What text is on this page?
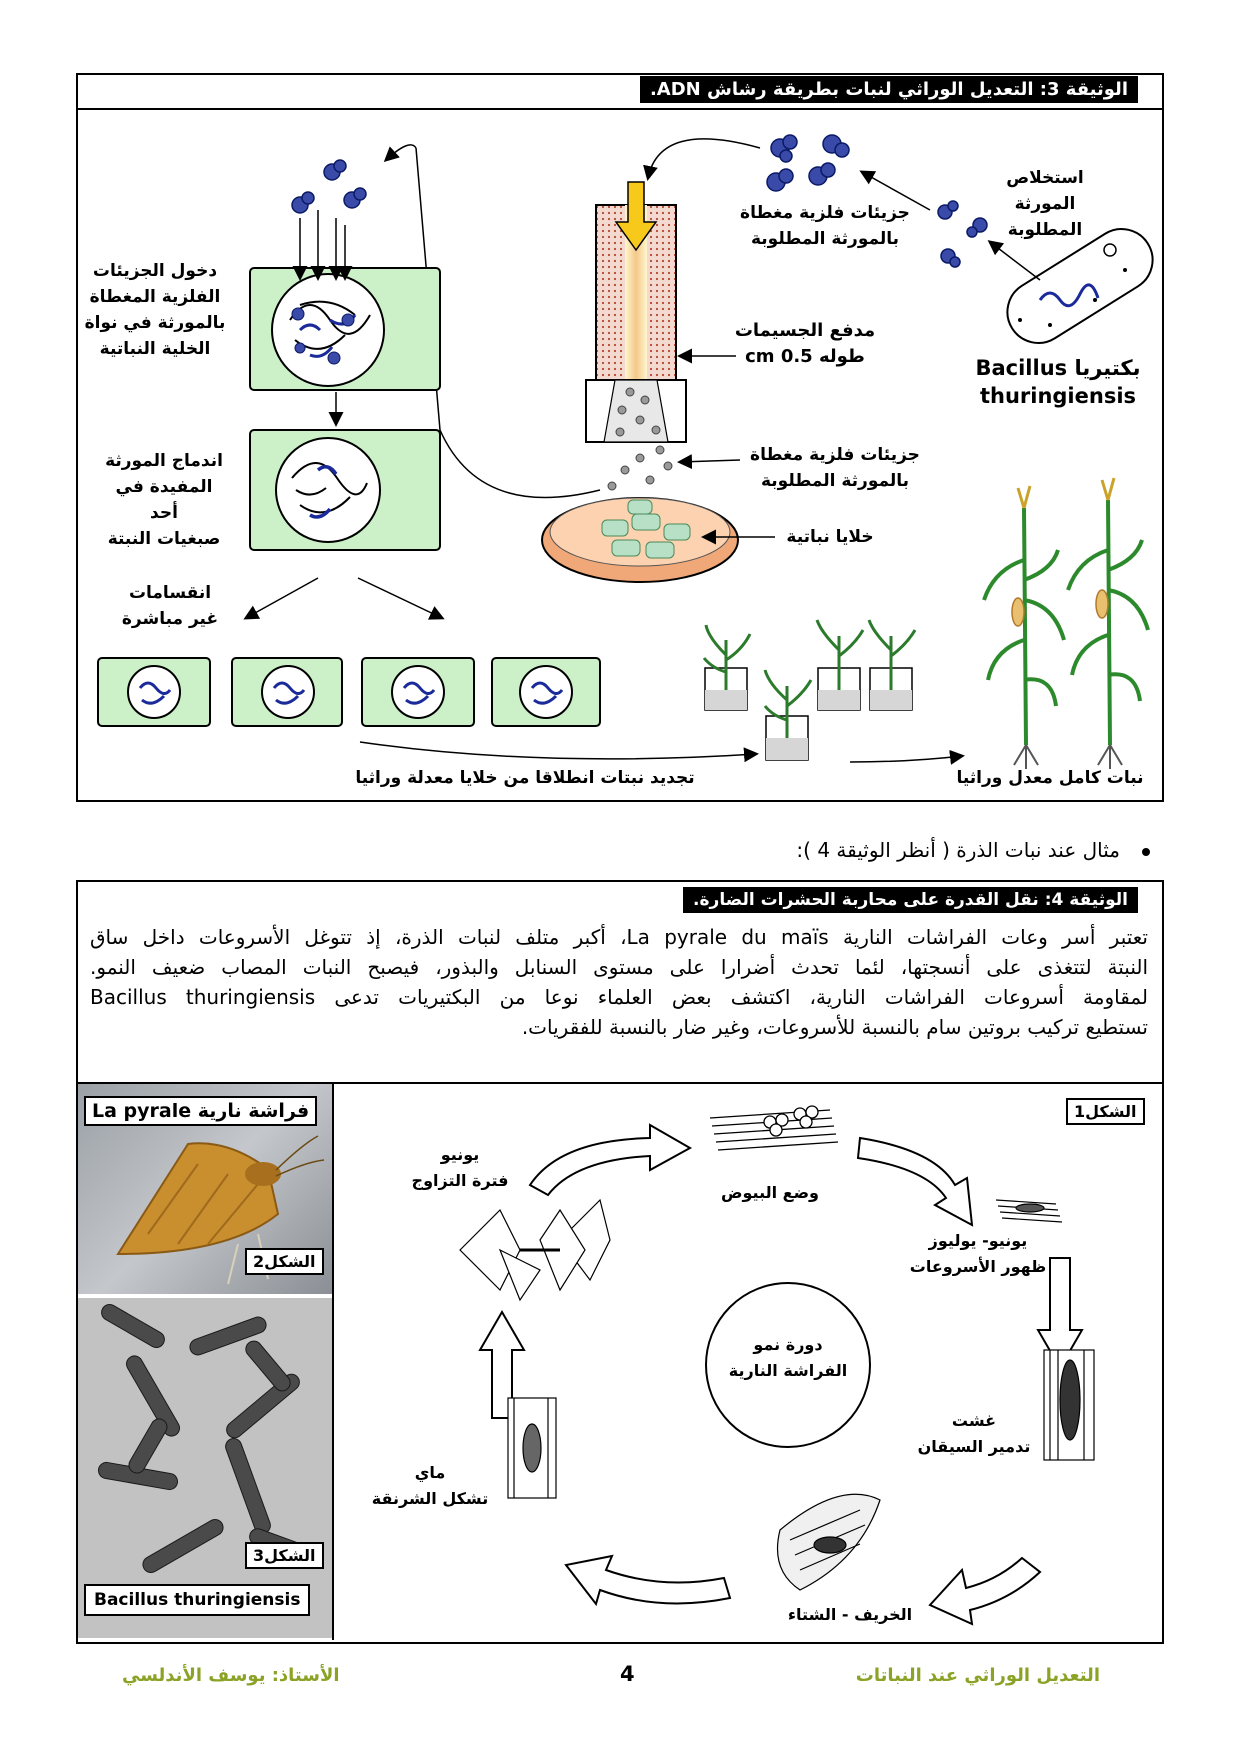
الوثيقة 3: التعديل الوراثي لنبات بطريقة رشاش ADN.
استخلاص
المورثة
المطلوبة
جزيئات فلزية مغطاة
بالمورثة المطلوبة
مدفع الجسيمات
طوله 0.5 cm	بكتيريا Bacillus
thuringiensis
جزيئات فلزية مغطاة
بالمورثة المطلوبة
خلايا نباتية
دخول الجزيئات
الفلزية المغطاة
بالمورثة في نواة
الخلية النباتية
اندماج المورثة
المفيدة في أحد
صبغيات النبتة
انقسامات
غير مباشرة
تجديد نبتات انطلاقا من خلايا معدلة وراثيا	نبات كامل معدل وراثيا
مثال عند نبات الذرة ( أنظر الوثيقة 4 ):
الوثيقة 4: نقل القدرة على محاربة الحشرات الضارة.
تعتبر أسر وعات الفراشات النارية La pyrale du maïs، أكبر متلف لنبات الذرة، إذ تتوغل الأسروعات داخل ساق
النبتة لتتغذى على أنسجتها، لئما تحدث أضرارا على مستوى السنابل والبذور، فيصبح النبات المصاب ضعيف النمو.
لمقاومة أسروعات الفراشات النارية، اكتشف بعض العلماء نوعا من البكتيريات تدعى Bacillus thuringiensis
تستطيع تركيب بروتين سام بالنسبة للأسروعات، وغير ضار بالنسبة للفقريات.
فراشة نارية La pyrale
الشكل2
الشكل3
Bacillus thuringiensis
الشكل1
دورة نمو
الفراشة النارية
يونيو
فترة التزاوج
وضع البيوض
يونيو- يوليوز
ظهور الأسروعات
غشت
تدمير السيقان
الخريف - الشتاء
ماي
تشكل الشرنقة
التعديل الوراثي عند النباتات
4
الأستاذ: يوسف الأندلسي
